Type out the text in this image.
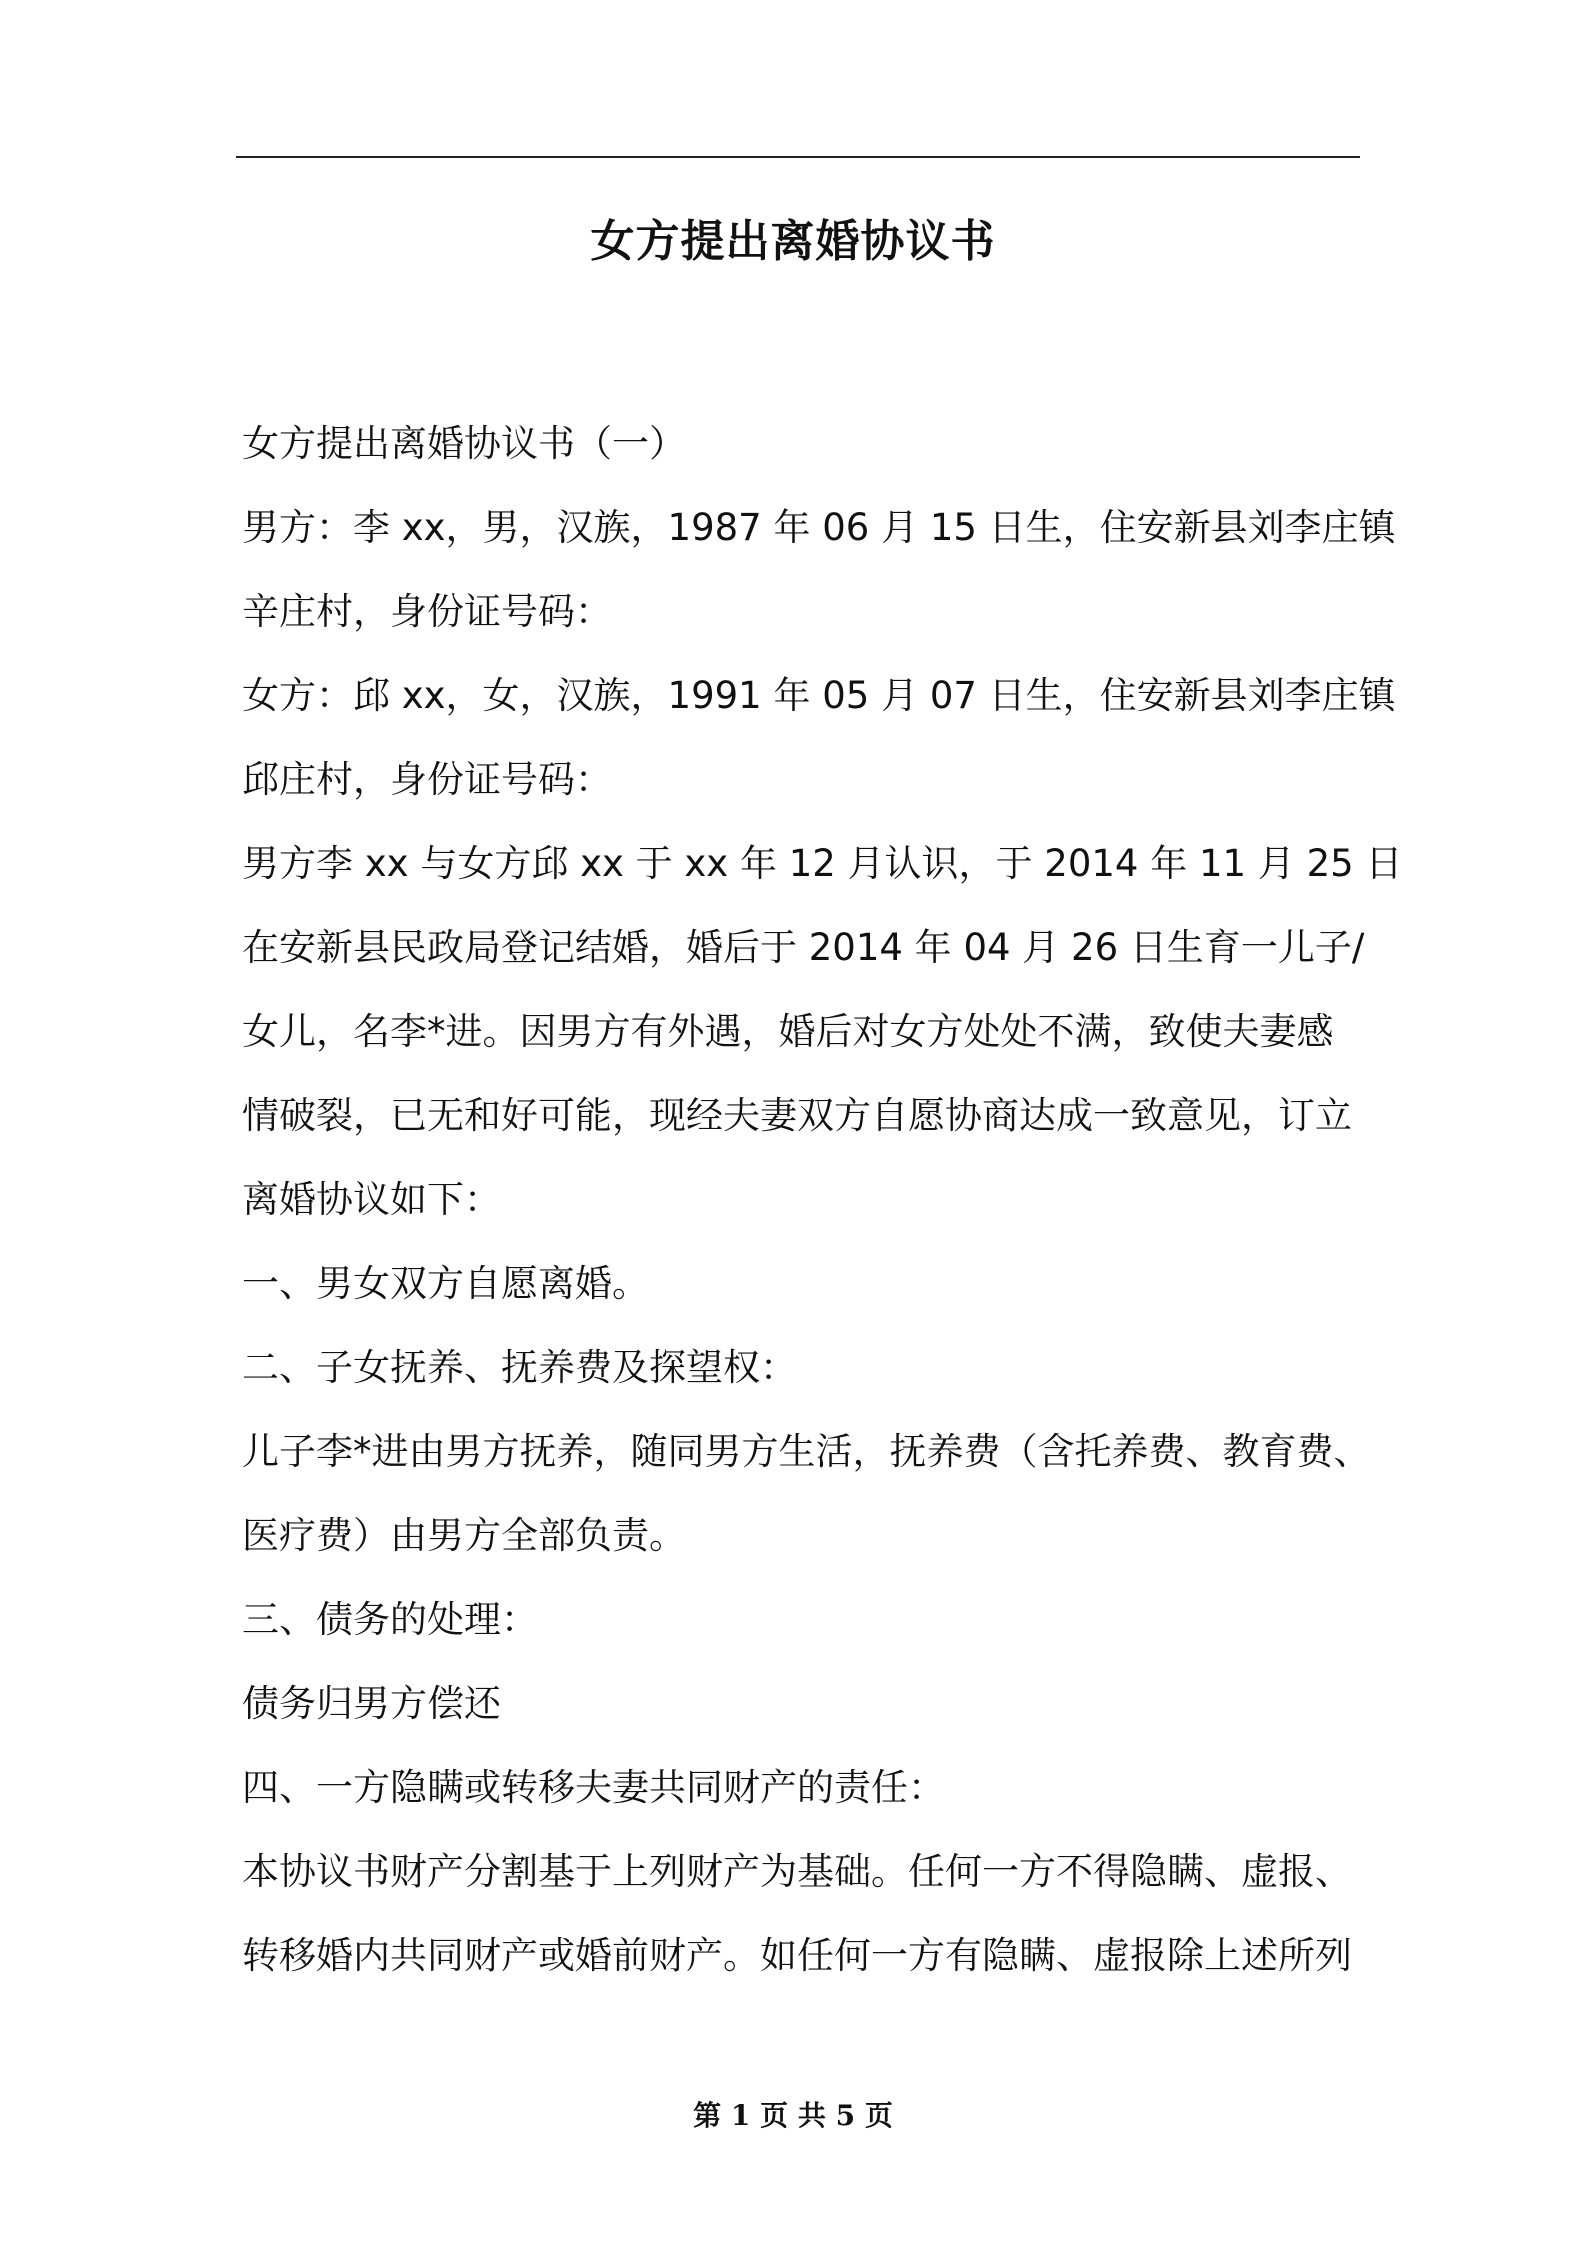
女方提出离婚协议书
女方提出离婚协议书（一）
男方：李 xx，男，汉族，1987 年 06 月 15 日生，住安新县刘李庄镇
辛庄村，身份证号码：
女方：邱 xx，女，汉族，1991 年 05 月 07 日生，住安新县刘李庄镇
邱庄村，身份证号码：
男方李 xx 与女方邱 xx 于 xx 年 12 月认识，于 2014 年 11 月 25 日
在安新县民政局登记结婚，婚后于 2014 年 04 月 26 日生育一儿子/
女儿，名李*进。因男方有外遇，婚后对女方处处不满，致使夫妻感
情破裂，已无和好可能，现经夫妻双方自愿协商达成一致意见，订立
离婚协议如下：
一、男女双方自愿离婚。
二、子女抚养、抚养费及探望权：
儿子李*进由男方抚养，随同男方生活，抚养费（含托养费、教育费、
医疗费）由男方全部负责。
三、债务的处理：
债务归男方偿还
四、一方隐瞒或转移夫妻共同财产的责任：
本协议书财产分割基于上列财产为基础。任何一方不得隐瞒、虚报、
转移婚内共同财产或婚前财产。如任何一方有隐瞒、虚报除上述所列
第 1 页 共 5 页
